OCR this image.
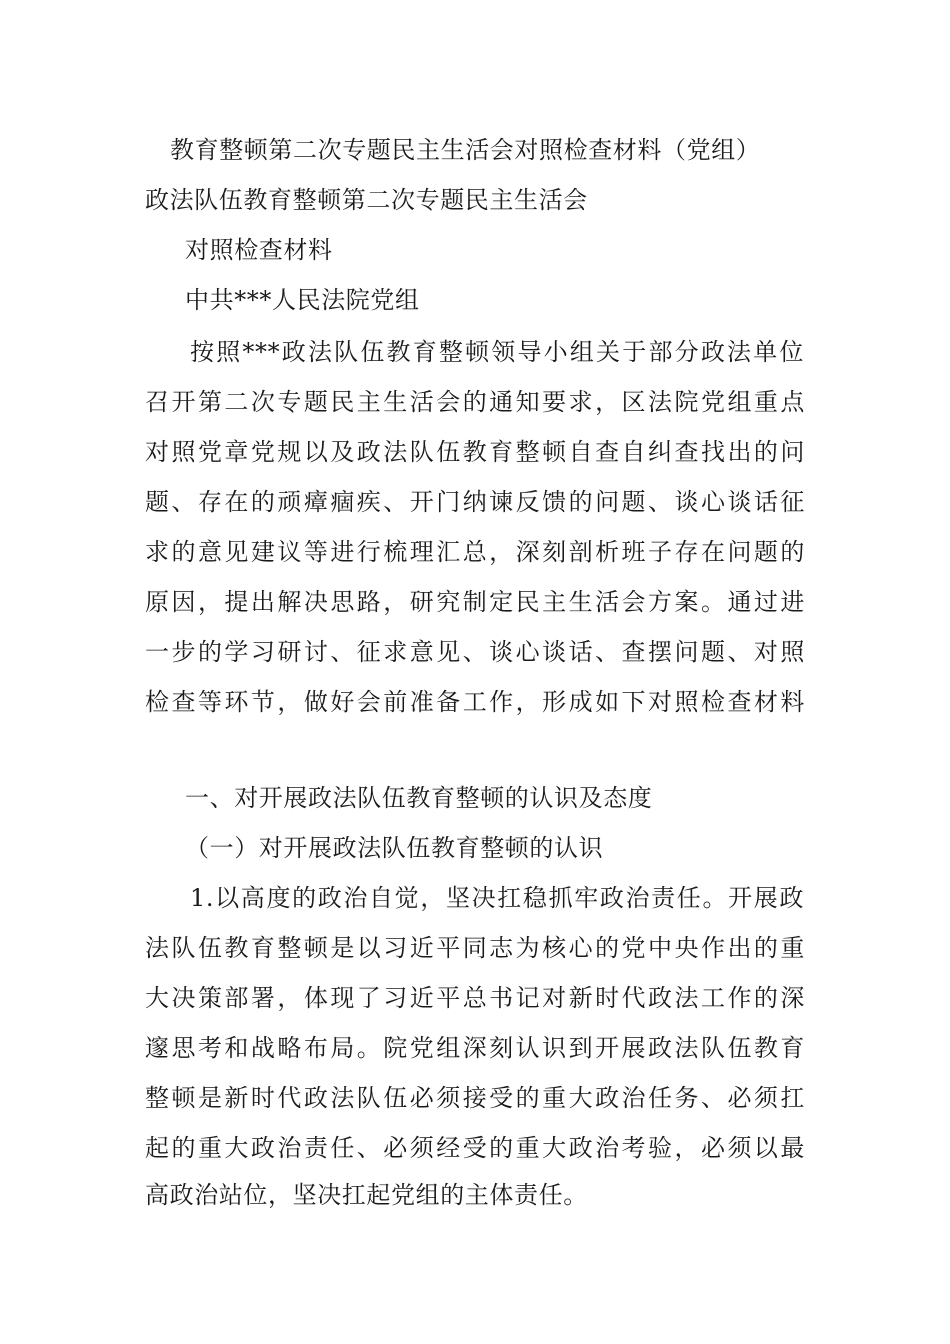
教育整顿第二次专题民主生活会对照检查材料（党组）
政法队伍教育整顿第二次专题民主生活会
对照检查材料
中共***人民法院党组
按照***政法队伍教育整顿领导小组关于部分政法单位
召开第二次专题民主生活会的通知要求，区法院党组重点
对照党章党规以及政法队伍教育整顿自查自纠查找出的问
题、存在的顽瘴痼疾、开门纳谏反馈的问题、谈心谈话征
求的意见建议等进行梳理汇总，深刻剖析班子存在问题的
原因，提出解决思路，研究制定民主生活会方案。通过进
一步的学习研讨、征求意见、谈心谈话、查摆问题、对照
检查等环节，做好会前准备工作，形成如下对照检查材料
一、对开展政法队伍教育整顿的认识及态度
（一）对开展政法队伍教育整顿的认识
1.以高度的政治自觉，坚决扛稳抓牢政治责任。开展政
法队伍教育整顿是以习近平同志为核心的党中央作出的重
大决策部署，体现了习近平总书记对新时代政法工作的深
邃思考和战略布局。院党组深刻认识到开展政法队伍教育
整顿是新时代政法队伍必须接受的重大政治任务、必须扛
起的重大政治责任、必须经受的重大政治考验，必须以最
高政治站位，坚决扛起党组的主体责任。
